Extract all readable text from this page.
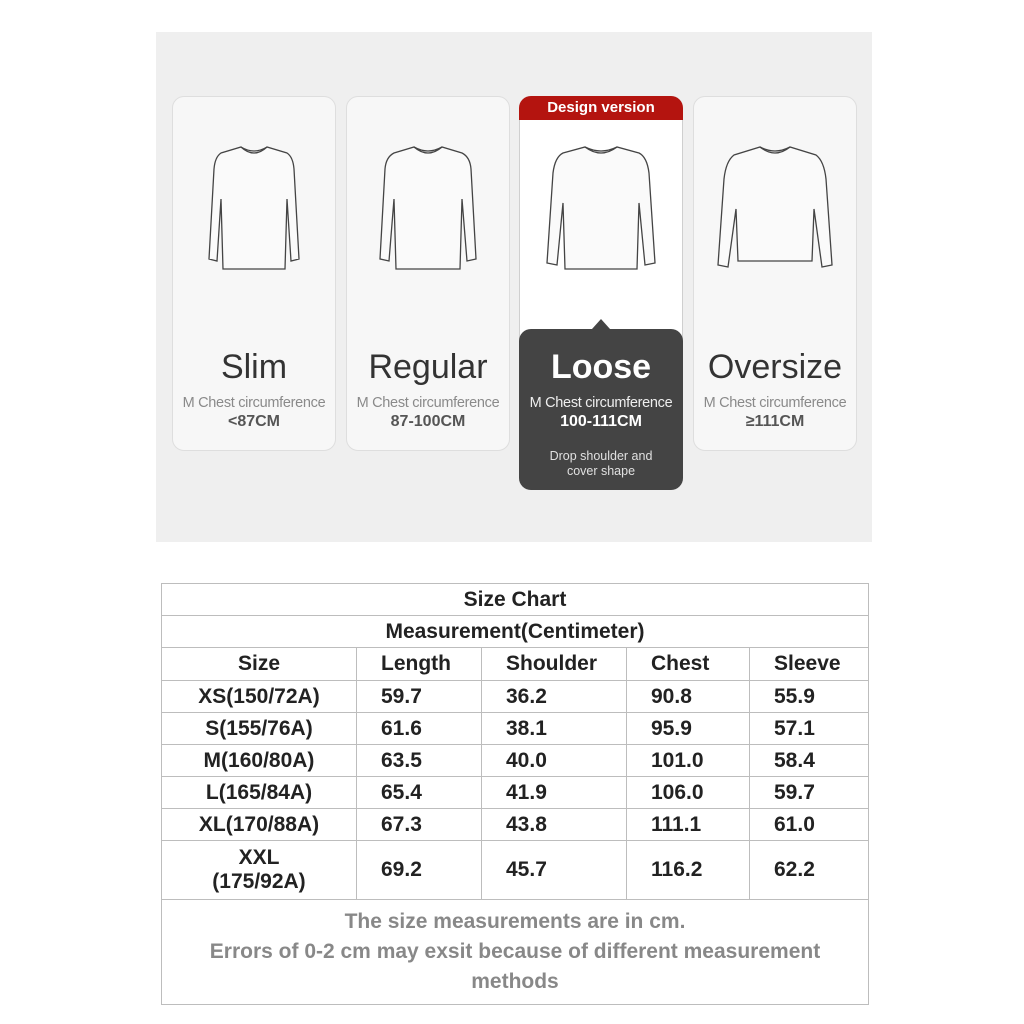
Slim
M Chest circumference
<87CM
Regular
M Chest circumference
87-100CM
Design version
Loose
M Chest circumference
100-111CM
Drop shoulder and
cover shape
Oversize
M Chest circumference
≥111CM
Size Chart				
Measurement(Centimeter)				
Size	Length	Shoulder	Chest	Sleeve
XS(150/72A)	59.7	36.2	90.8	55.9
S(155/76A)	61.6	38.1	95.9	57.1
M(160/80A)	63.5	40.0	101.0	58.4
L(165/84A)	65.4	41.9	106.0	59.7
XL(170/88A)	67.3	43.8	111.1	61.0

XXL
(175/92A)	69.2	45.7	116.2	62.2

The size measurements are in cm.
Errors of 0-2 cm may exsit because of different measurement
methods				
